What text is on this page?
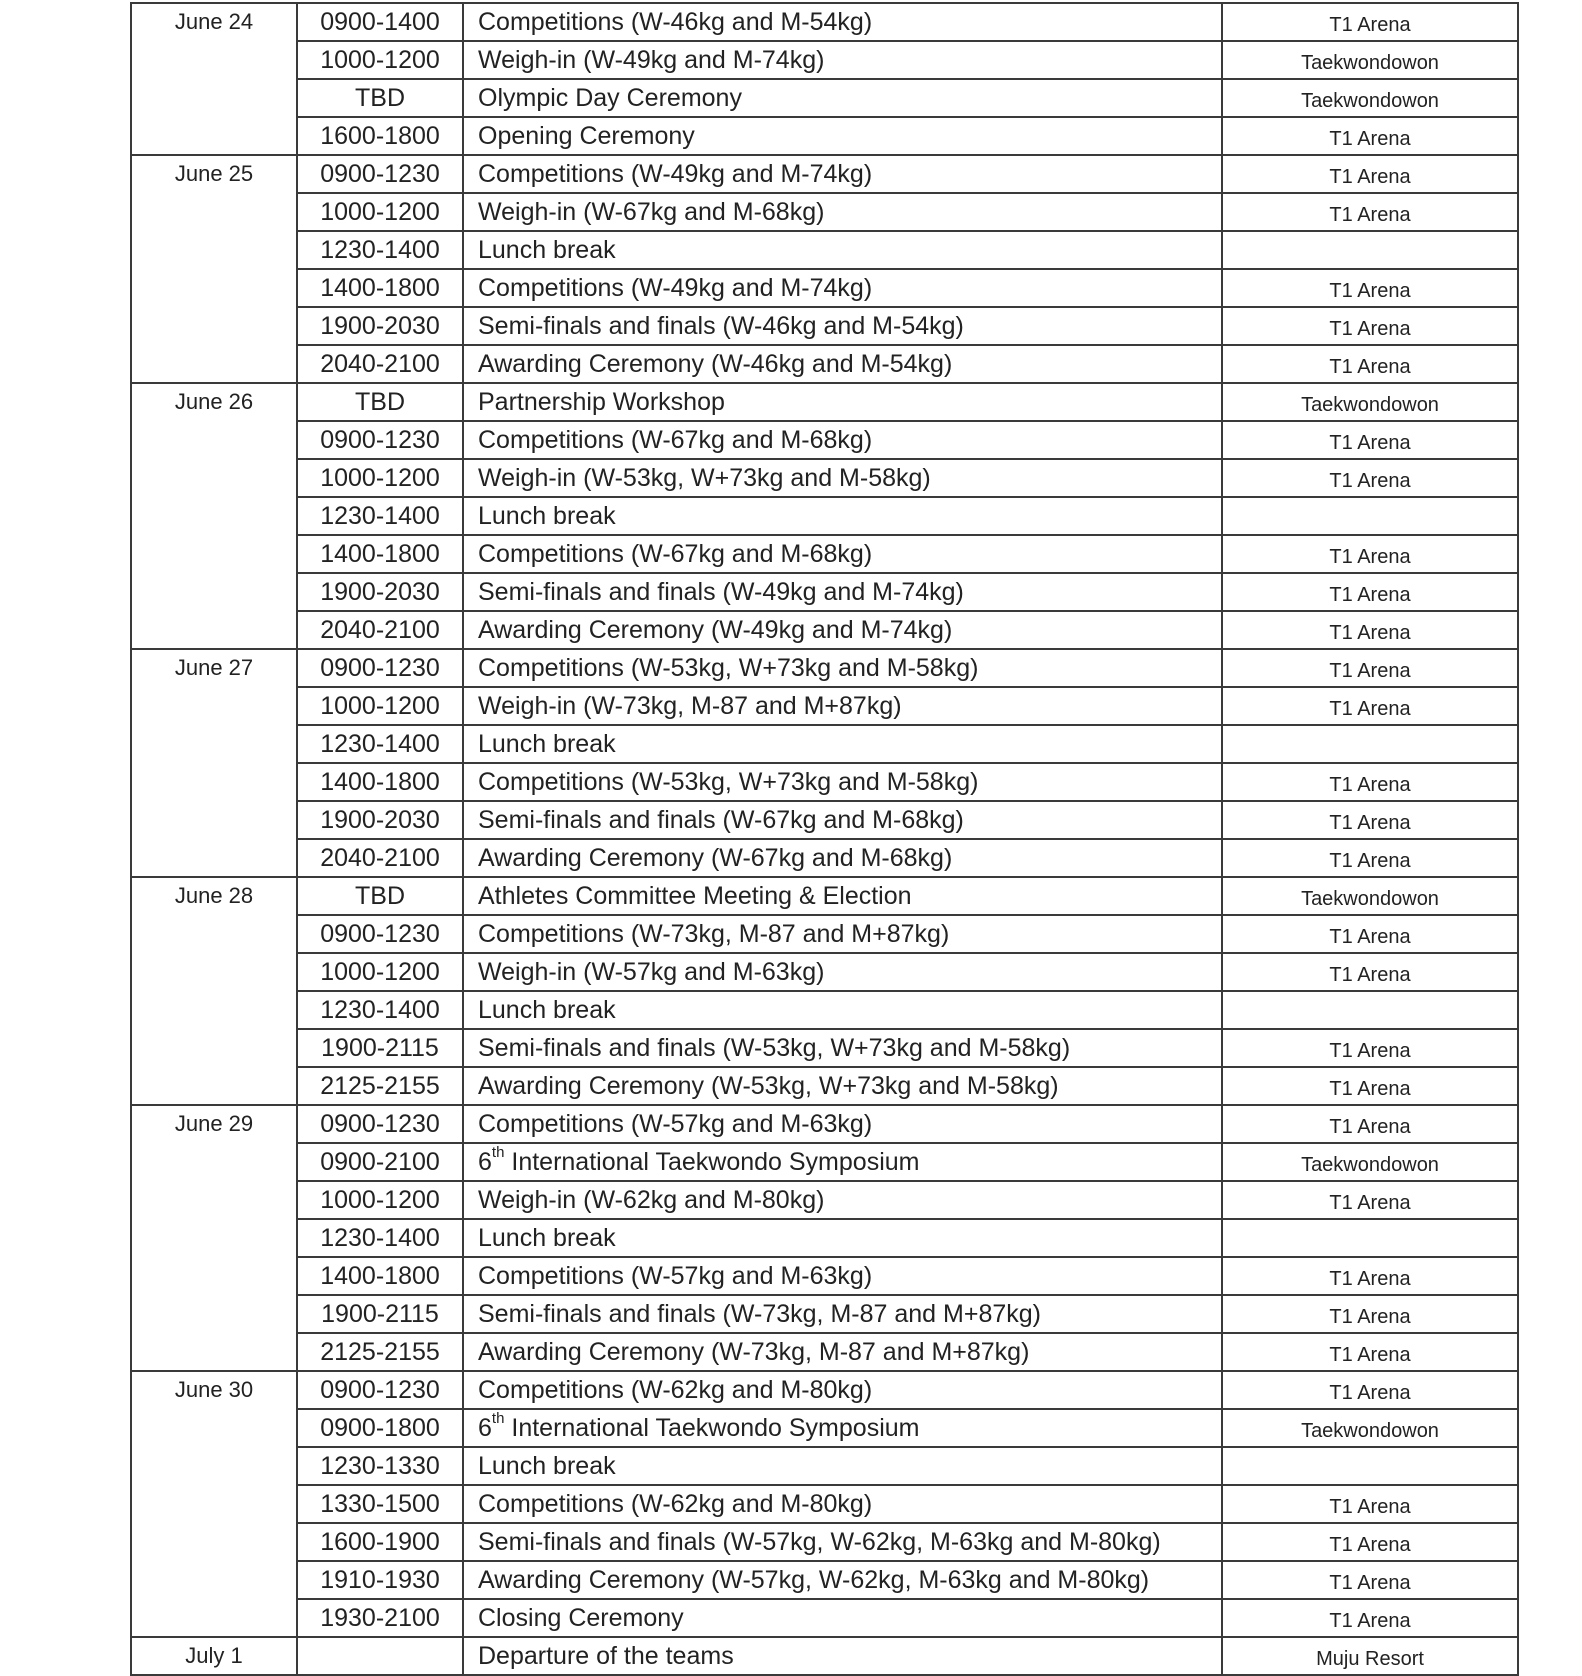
June 24	0900-1400	Competitions (W-46kg and M-54kg)	T1 Arena
	1000-1200	Weigh-in (W-49kg and M-74kg)	Taekwondowon
	TBD	Olympic Day Ceremony	Taekwondowon
	1600-1800	Opening Ceremony	T1 Arena
June 25	0900-1230	Competitions (W-49kg and M-74kg)	T1 Arena
	1000-1200	Weigh-in (W-67kg and M-68kg)	T1 Arena
	1230-1400	Lunch break	
	1400-1800	Competitions (W-49kg and M-74kg)	T1 Arena
	1900-2030	Semi-finals and finals (W-46kg and M-54kg)	T1 Arena
	2040-2100	Awarding Ceremony (W-46kg and M-54kg)	T1 Arena
June 26	TBD	Partnership Workshop	Taekwondowon
	0900-1230	Competitions (W-67kg and M-68kg)	T1 Arena
	1000-1200	Weigh-in (W-53kg, W+73kg and M-58kg)	T1 Arena
	1230-1400	Lunch break	
	1400-1800	Competitions (W-67kg and M-68kg)	T1 Arena
	1900-2030	Semi-finals and finals (W-49kg and M-74kg)	T1 Arena
	2040-2100	Awarding Ceremony (W-49kg and M-74kg)	T1 Arena
June 27	0900-1230	Competitions (W-53kg, W+73kg and M-58kg)	T1 Arena
	1000-1200	Weigh-in (W-73kg, M-87 and M+87kg)	T1 Arena
	1230-1400	Lunch break	
	1400-1800	Competitions (W-53kg, W+73kg and M-58kg)	T1 Arena
	1900-2030	Semi-finals and finals (W-67kg and M-68kg)	T1 Arena
	2040-2100	Awarding Ceremony (W-67kg and M-68kg)	T1 Arena
June 28	TBD	Athletes Committee Meeting & Election	Taekwondowon
	0900-1230	Competitions (W-73kg, M-87 and M+87kg)	T1 Arena
	1000-1200	Weigh-in (W-57kg and M-63kg)	T1 Arena
	1230-1400	Lunch break	
	1900-2115	Semi-finals and finals (W-53kg, W+73kg and M-58kg)	T1 Arena
	2125-2155	Awarding Ceremony (W-53kg, W+73kg and M-58kg)	T1 Arena
June 29	0900-1230	Competitions (W-57kg and M-63kg)	T1 Arena
	0900-2100	6th International Taekwondo Symposium	Taekwondowon
	1000-1200	Weigh-in (W-62kg and M-80kg)	T1 Arena
	1230-1400	Lunch break	
	1400-1800	Competitions (W-57kg and M-63kg)	T1 Arena
	1900-2115	Semi-finals and finals (W-73kg, M-87 and M+87kg)	T1 Arena
	2125-2155	Awarding Ceremony (W-73kg, M-87 and M+87kg)	T1 Arena
June 30	0900-1230	Competitions (W-62kg and M-80kg)	T1 Arena
	0900-1800	6th International Taekwondo Symposium	Taekwondowon
	1230-1330	Lunch break	
	1330-1500	Competitions (W-62kg and M-80kg)	T1 Arena
	1600-1900	Semi-finals and finals (W-57kg, W-62kg, M-63kg and M-80kg)	T1 Arena
	1910-1930	Awarding Ceremony (W-57kg, W-62kg, M-63kg and M-80kg)	T1 Arena
	1930-2100	Closing Ceremony	T1 Arena
July 1		Departure of the teams	Muju Resort
